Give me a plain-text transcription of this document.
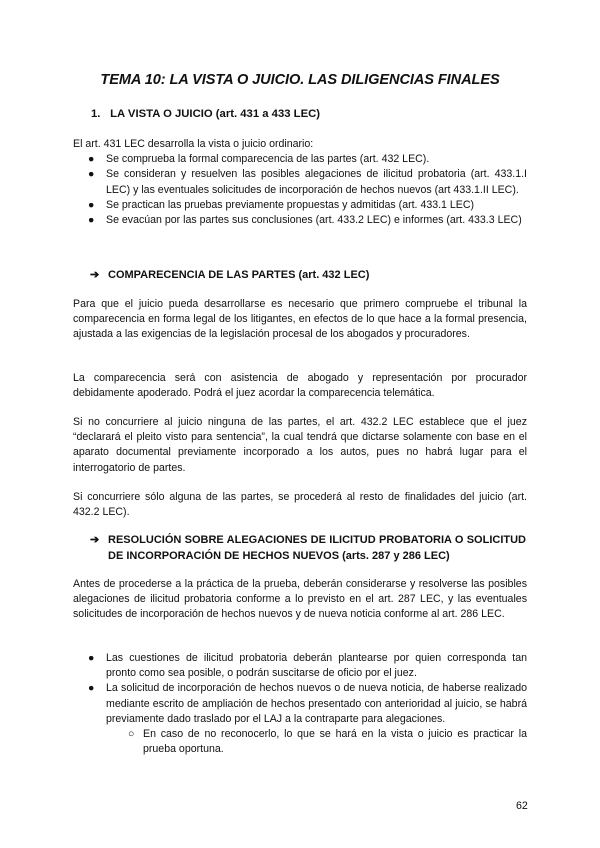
TEMA 10: LA VISTA O JUICIO. LAS DILIGENCIAS FINALES
1. LA VISTA O JUICIO (art. 431 a 433 LEC)

El art. 431 LEC desarrolla la vista o juicio ordinario:

● Se comprueba la formal comparecencia de las partes (art. 432 LEC).
● Se consideran y resuelven las posibles alegaciones de ilicitud probatoria (art. 433.1.I LEC) y las eventuales solicitudes de incorporación de hechos nuevos (art 433.1.II LEC).
● Se practican las pruebas previamente propuestas y admitidas (art. 433.1 LEC)
● Se evacúan por las partes sus conclusiones (art. 433.2 LEC) e informes (art. 433.3 LEC)
➔ COMPARECENCIA DE LAS PARTES (art. 432 LEC)

Para que el juicio pueda desarrollarse es necesario que primero compruebe el tribunal la comparecencia en forma legal de los litigantes, en efectos de lo que hace a la formal presencia, ajustada a las exigencias de la legislación procesal de los abogados y procuradores.

La comparecencia será con asistencia de abogado y representación por procurador debidamente apoderado. Podrá el juez acordar la comparecencia telemática.

Si no concurriere al juicio ninguna de las partes, el art. 432.2 LEC establece que el juez “declarará el pleito visto para sentencia”, la cual tendrá que dictarse solamente con base en el aparato documental previamente incorporado a los autos, pues no habrá lugar para el interrogatorio de partes.

Si concurriere sólo alguna de las partes, se procederá al resto de finalidades del juicio (art. 432.2 LEC).

➔ RESOLUCIÓN SOBRE ALEGACIONES DE ILICITUD PROBATORIA O SOLICITUD DE INCORPORACIÓN DE HECHOS NUEVOS (arts. 287 y 286 LEC)

Antes de procederse a la práctica de la prueba, deberán considerarse y resolverse las posibles alegaciones de ilicitud probatoria conforme a lo previsto en el art. 287 LEC, y las eventuales solicitudes de incorporación de hechos nuevos y de nueva noticia conforme al art. 286 LEC.

● Las cuestiones de ilicitud probatoria deberán plantearse por quien corresponda tan pronto como sea posible, o podrán suscitarse de oficio por el juez.
● La solicitud de incorporación de hechos nuevos o de nueva noticia, de haberse realizado mediante escrito de ampliación de hechos presentado con anterioridad al juicio, se habrá previamente dado traslado por el LAJ a la contraparte para alegaciones.
○ En caso de no reconocerlo, lo que se hará en la vista o juicio es practicar la prueba oportuna.
62
